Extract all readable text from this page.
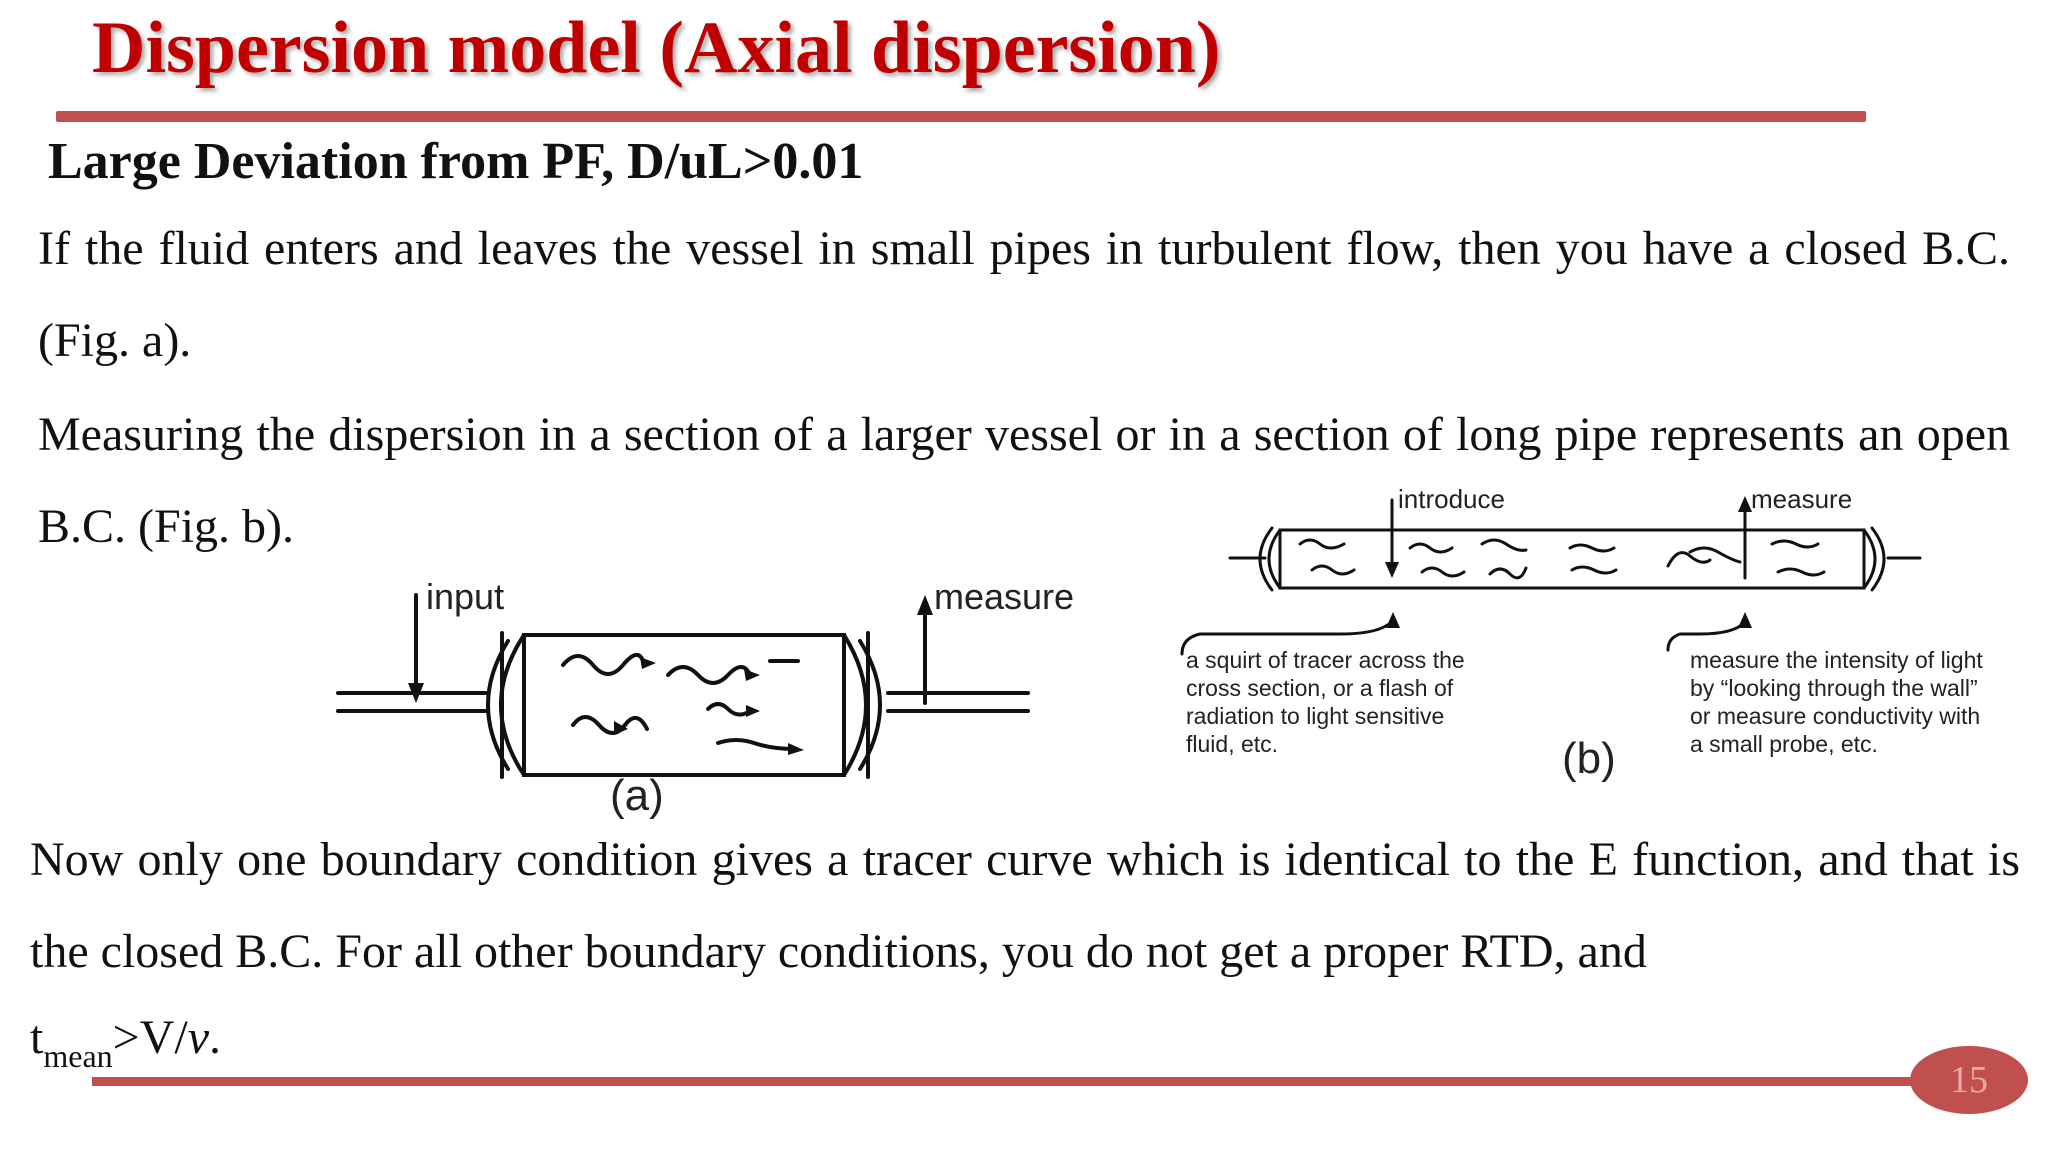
Dispersion model (Axial dispersion)
Large Deviation from PF, D/uL>0.01

If the fluid enters and leaves the vessel in small pipes in turbulent flow, then you have a closed B.C. (Fig. a).

Measuring the dispersion in a section of a larger vessel or in a section of long pipe represents an open B.C. (Fig. b).

input	measure
(a)
introduce	measure
a squirt of tracer across the
cross section, or a flash of
radiation to light sensitive
fluid, etc.
measure the intensity of light
by “looking through the wall”
or measure conductivity with
a small probe, etc.
(b)

Now only one boundary condition gives a tracer curve which is identical to the E function, and that is the closed B.C. For all other boundary conditions, you do not get a proper RTD, and

$t_{mean}>V/v$.
15
